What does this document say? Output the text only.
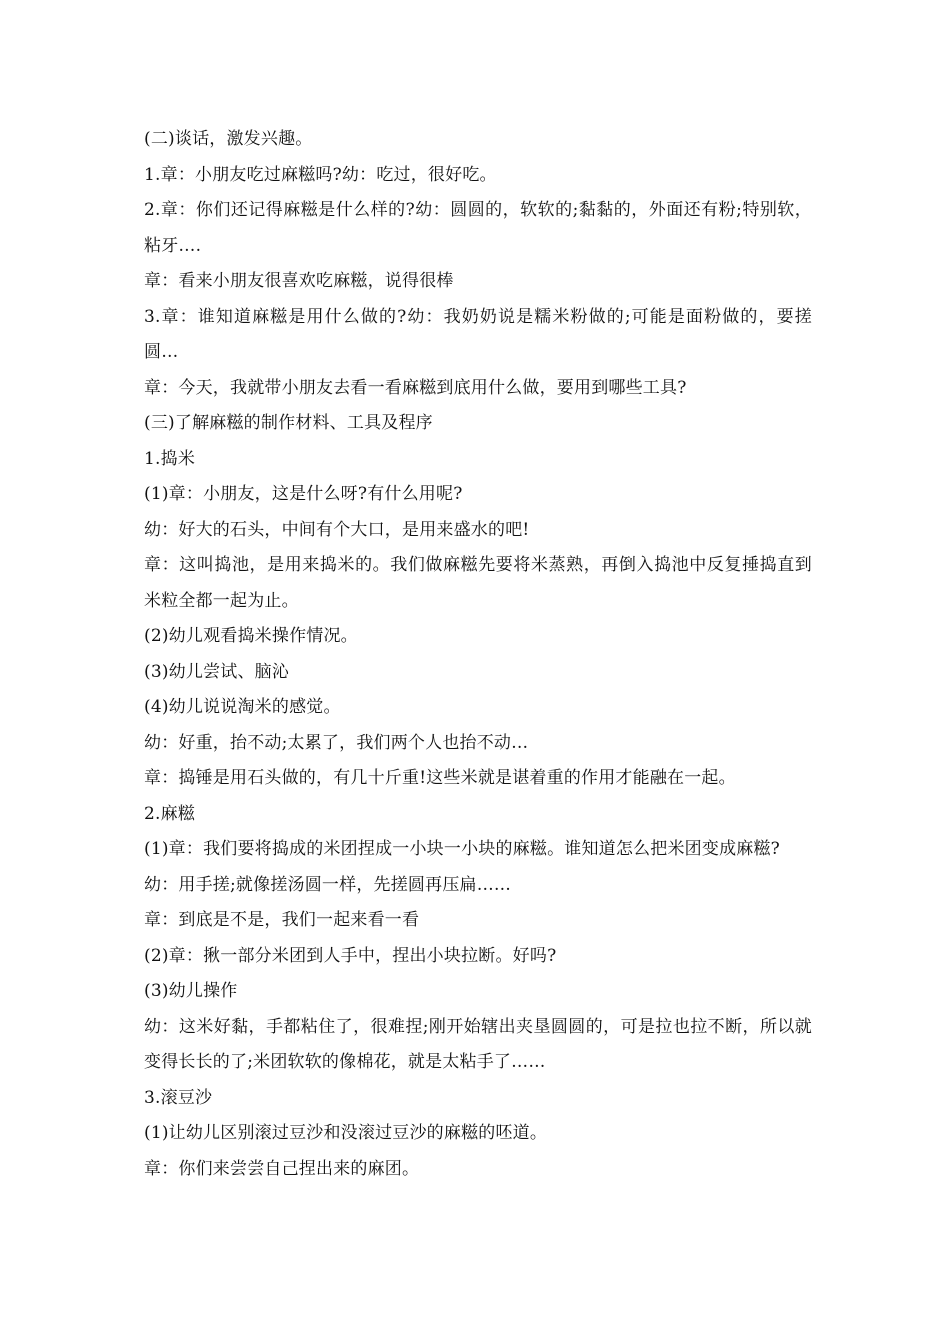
(二)谈话，激发兴趣。

1.章：小朋友吃过麻糍吗?幼：吃过，很好吃。

2.章：你们还记得麻糍是什么样的?幼：圆圆的，软软的;黏黏的，外面还有粉;特别软，粘牙….

章：看来小朋友很喜欢吃麻糍，说得很棒

3.章：谁知道麻糍是用什么做的?幼：我奶奶说是糯米粉做的;可能是面粉做的，要搓圆…

章：今天，我就带小朋友去看一看麻糍到底用什么做，要用到哪些工具?

(三)了解麻糍的制作材料、工具及程序

1.捣米

(1)章：小朋友，这是什么呀?有什么用呢?

幼：好大的石头，中间有个大口，是用来盛水的吧!

章：这叫捣池，是用来捣米的。我们做麻糍先要将米蒸熟，再倒入捣池中反复捶捣直到米粒全都一起为止。

(2)幼儿观看捣米操作情况。

(3)幼儿尝试、脑沁

(4)幼儿说说淘米的感觉。

幼：好重，抬不动;太累了，我们两个人也抬不动…

章：捣锤是用石头做的，有几十斤重!这些米就是谌着重的作用才能融在一起。

2.麻糍

(1)章：我们要将捣成的米团捏成一小块一小块的麻糍。谁知道怎么把米团变成麻糍?

幼：用手搓;就像搓汤圆一样，先搓圆再压扁……

章：到底是不是，我们一起来看一看

(2)章：揪一部分米团到人手中，捏出小块拉断。好吗?

(3)幼儿操作

幼：这米好黏，手都粘住了，很难捏;刚开始辖出夹垦圆圆的，可是拉也拉不断，所以就变得长长的了;米团软软的像棉花，就是太粘手了……

3.滚豆沙

(1)让幼儿区别滚过豆沙和没滚过豆沙的麻糍的呸道。

章：你们来尝尝自己捏出来的麻团。
